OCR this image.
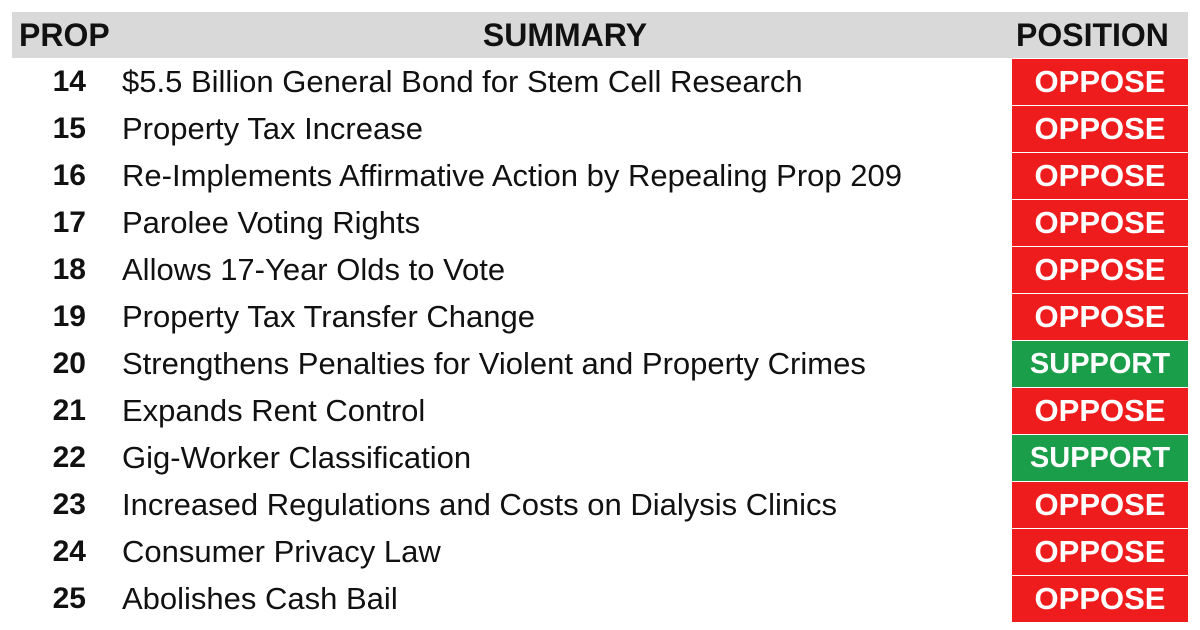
PROP	SUMMARY	POSITION
14 $5.5 Billion General Bond for Stem Cell Research	OPPOSE
15 Property Tax Increase	OPPOSE
16 Re-Implements Affirmative Action by Repealing Prop 209	OPPOSE
17 Parolee Voting Rights	OPPOSE
18 Allows 17-Year Olds to Vote	OPPOSE
19 Property Tax Transfer Change	OPPOSE
20 Strengthens Penalties for Violent and Property Crimes	SUPPORT
21 Expands Rent Control	OPPOSE
22 Gig-Worker Classification	SUPPORT
23 Increased Regulations and Costs on Dialysis Clinics	OPPOSE
24 Consumer Privacy Law	OPPOSE
25 Abolishes Cash Bail	OPPOSE
